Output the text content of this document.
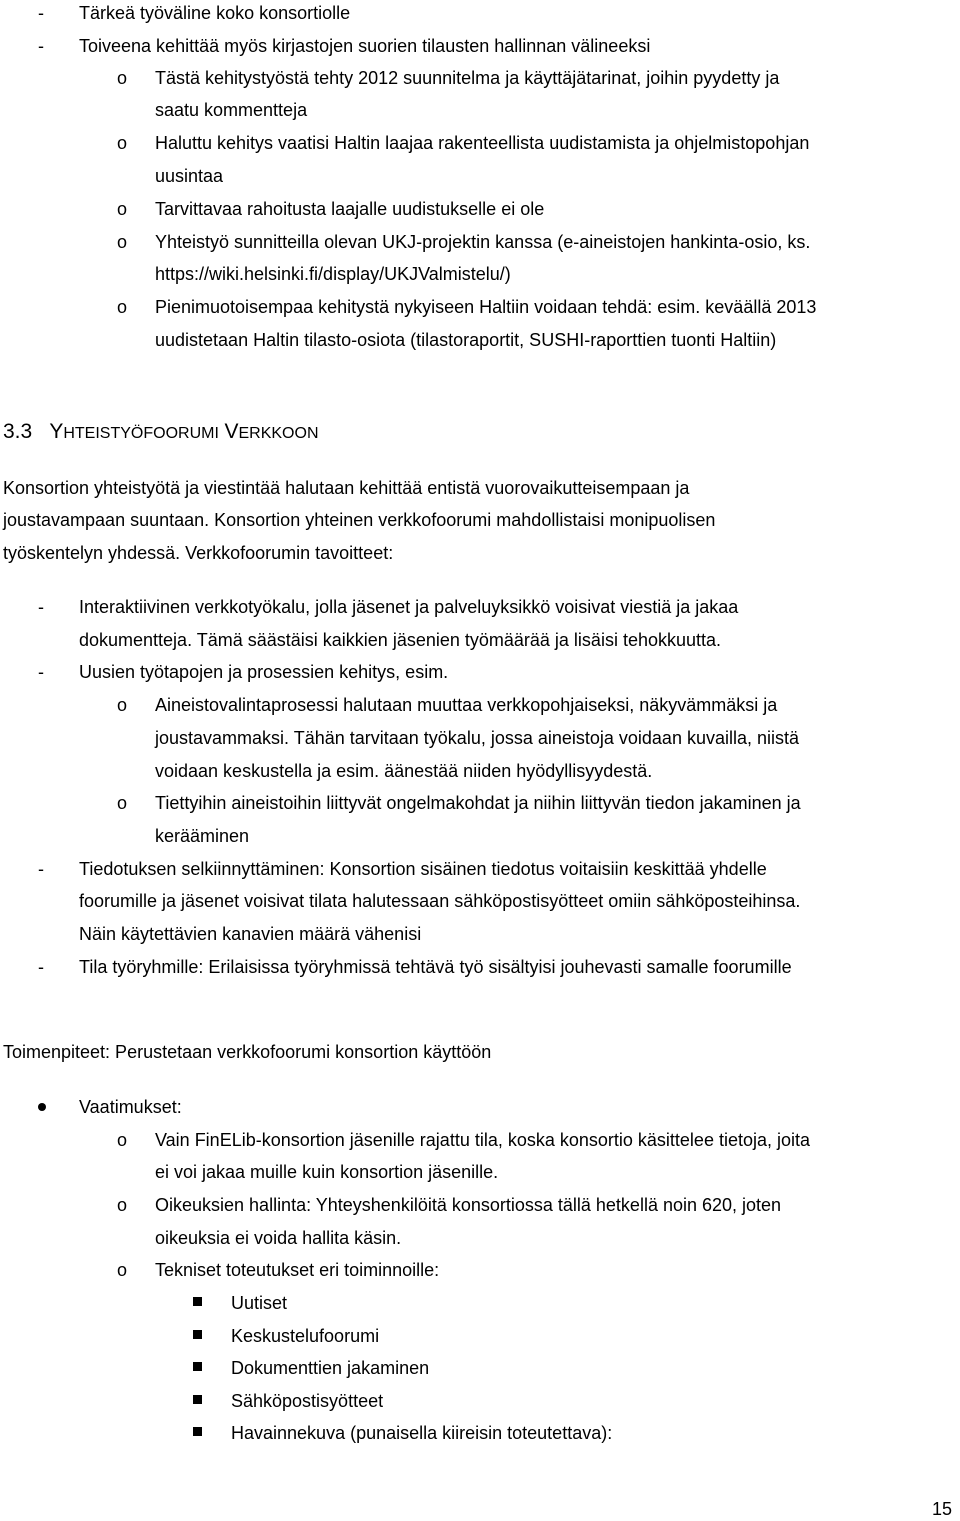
- Tärkeä työväline koko konsortiolle
- Toiveena kehittää myös kirjastojen suorien tilausten hallinnan välineeksi
o Tästä kehitystyöstä tehty 2012 suunnitelma ja käyttäjätarinat, joihin pyydetty ja
saatu kommentteja
o Haluttu kehitys vaatisi Haltin laajaa rakenteellista uudistamista ja ohjelmistopohjan
uusintaa
o Tarvittavaa rahoitusta laajalle uudistukselle ei ole
o Yhteistyö sunnitteilla olevan UKJ-projektin kanssa (e-aineistojen hankinta-osio, ks.
https://wiki.helsinki.fi/display/UKJValmistelu/)
o Pienimuotoisempaa kehitystä nykyiseen Haltiin voidaan tehdä: esim. keväällä 2013
uudistetaan Haltin tilasto-osiota (tilastoraportit, SUSHI-raporttien tuonti Haltiin)
3.3 YHTEISTYÖFOORUMI VERKKOON
Konsortion yhteistyötä ja viestintää halutaan kehittää entistä vuorovaikutteisempaan ja
joustavampaan suuntaan. Konsortion yhteinen verkkofoorumi mahdollistaisi monipuolisen
työskentelyn yhdessä. Verkkofoorumin tavoitteet:
- Interaktiivinen verkkotyökalu, jolla jäsenet ja palveluyksikkö voisivat viestiä ja jakaa
dokumentteja. Tämä säästäisi kaikkien jäsenien työmäärää ja lisäisi tehokkuutta.
- Uusien työtapojen ja prosessien kehitys, esim.
o Aineistovalintaprosessi halutaan muuttaa verkkopohjaiseksi, näkyvämmäksi ja
joustavammaksi. Tähän tarvitaan työkalu, jossa aineistoja voidaan kuvailla, niistä
voidaan keskustella ja esim. äänestää niiden hyödyllisyydestä.
o Tiettyihin aineistoihin liittyvät ongelmakohdat ja niihin liittyvän tiedon jakaminen ja
kerääminen
- Tiedotuksen selkiinnyttäminen: Konsortion sisäinen tiedotus voitaisiin keskittää yhdelle
foorumille ja jäsenet voisivat tilata halutessaan sähköpostisyötteet omiin sähköposteihinsa.
Näin käytettävien kanavien määrä vähenisi
- Tila työryhmille: Erilaisissa työryhmissä tehtävä työ sisältyisi jouhevasti samalle foorumille
Toimenpiteet: Perustetaan verkkofoorumi konsortion käyttöön
Vaatimukset:
o Vain FinELib-konsortion jäsenille rajattu tila, koska konsortio käsittelee tietoja, joita
ei voi jakaa muille kuin konsortion jäsenille.
o Oikeuksien hallinta: Yhteyshenkilöitä konsortiossa tällä hetkellä noin 620, joten
oikeuksia ei voida hallita käsin.
o Tekniset toteutukset eri toiminnoille:
Uutiset
Keskustelufoorumi
Dokumenttien jakaminen
Sähköpostisyötteet
Havainnekuva (punaisella kiireisin toteutettava):
15
